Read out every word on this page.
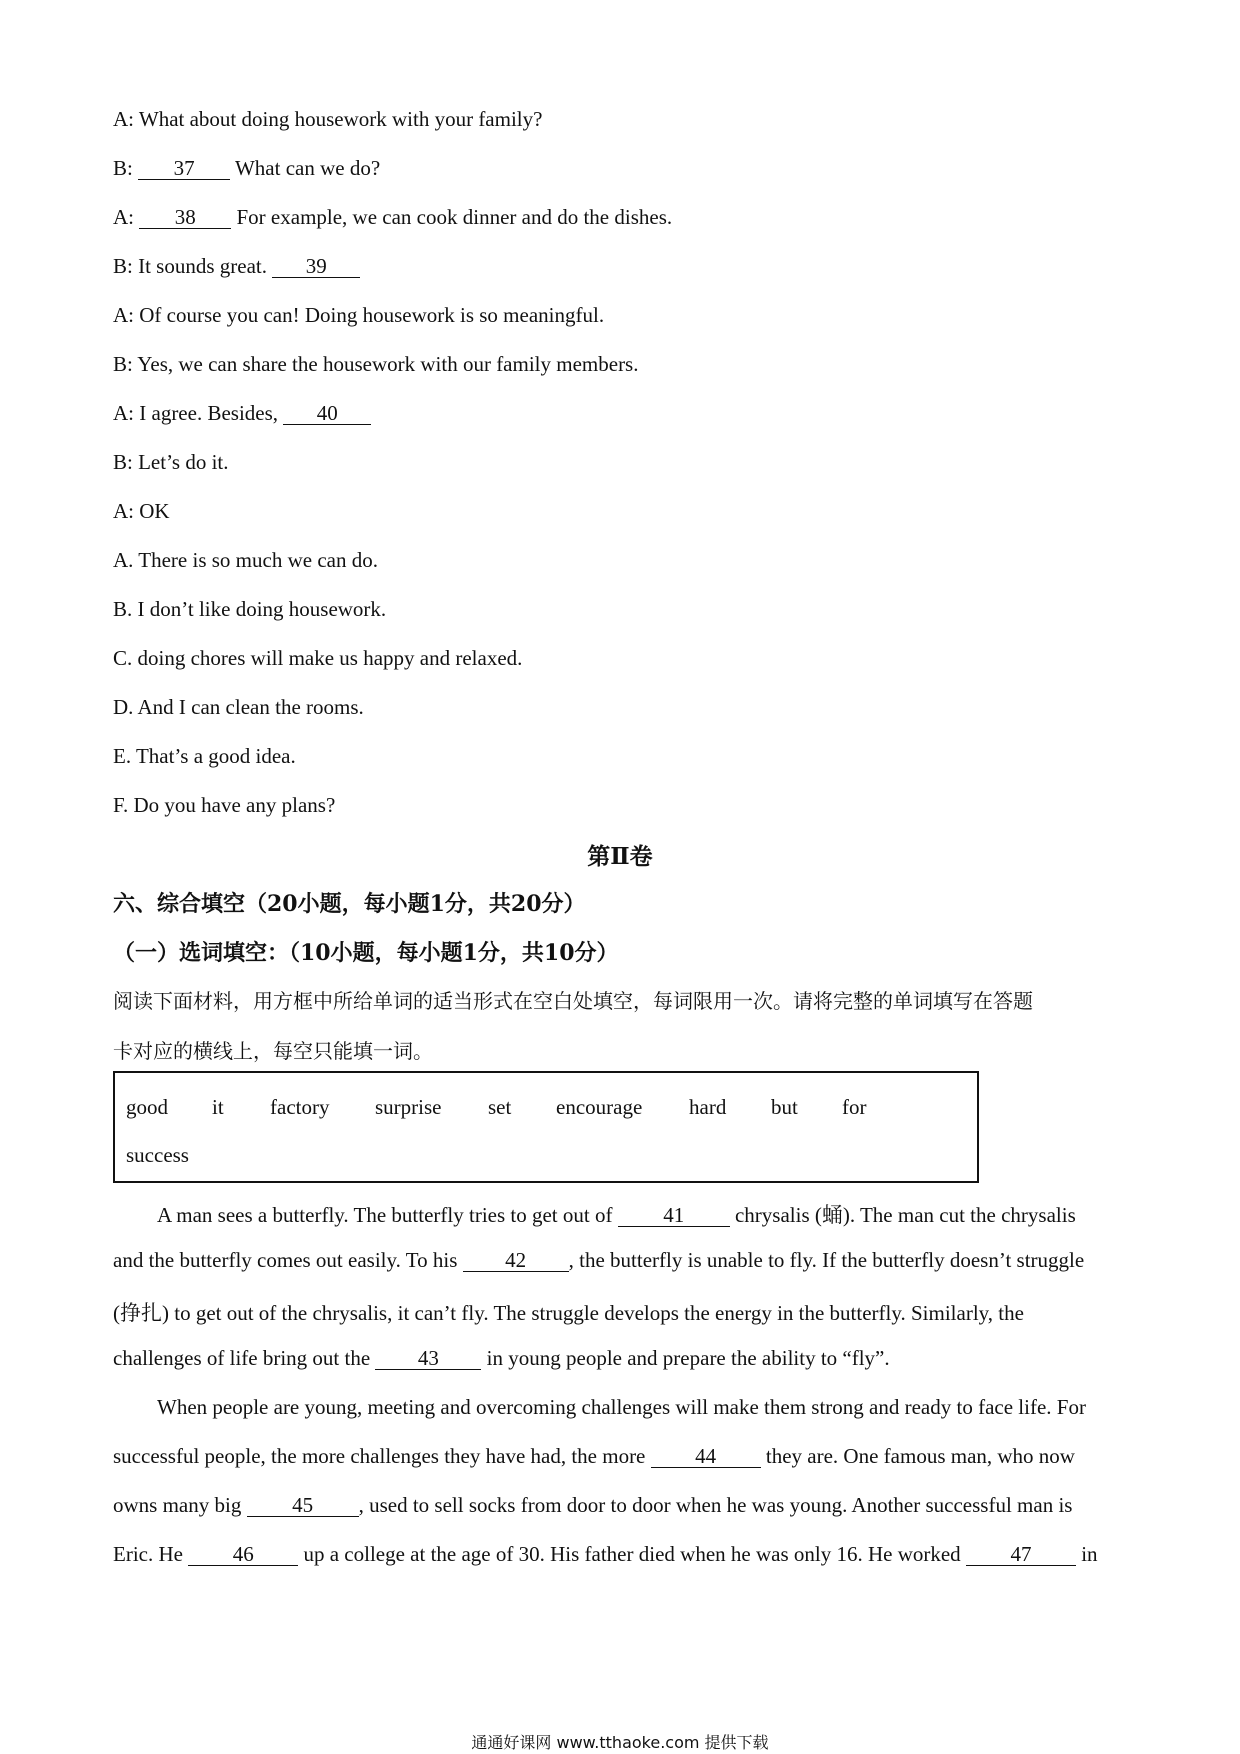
A: What about doing housework with your family?
B: 37 What can we do?
A: 38 For example, we can cook dinner and do the dishes.
B: It sounds great. 39
A: Of course you can! Doing housework is so meaningful.
B: Yes, we can share the housework with our family members.
A: I agree. Besides, 40
B: Let’s do it.
A: OK
A. There is so much we can do.
B. I don’t like doing housework.
C. doing chores will make us happy and relaxed.
D. And I can clean the rooms.
E. That’s a good idea.
F. Do you have any plans?
第Ⅱ卷
六、综合填空（20小题，每小题1分，共20分）
（一）选词填空：（10小题，每小题1分，共10分）
阅读下面材料，用方框中所给单词的适当形式在空白处填空，每词限用一次。请将完整的单词填写在答题
卡对应的横线上，每空只能填一词。
good it factory surprise set encourage hard but for
success
A man sees a butterfly. The butterfly tries to get out of 41 chrysalis (蛹). The man cut the chrysalis
and the butterfly comes out easily. To his 42 , the butterfly is unable to fly. If the butterfly doesn’t struggle
(挣扎) to get out of the chrysalis, it can’t fly. The struggle develops the energy in the butterfly. Similarly, the
challenges of life bring out the 43 in young people and prepare the ability to “fly”.
When people are young, meeting and overcoming challenges will make them strong and ready to face life. For
successful people, the more challenges they have had, the more 44 they are. One famous man, who now
owns many big 45 , used to sell socks from door to door when he was young. Another successful man is
Eric. He 46 up a college at the age of 30. His father died when he was only 16. He worked 47 in
通通好课网 www.tthaoke.com 提供下载
